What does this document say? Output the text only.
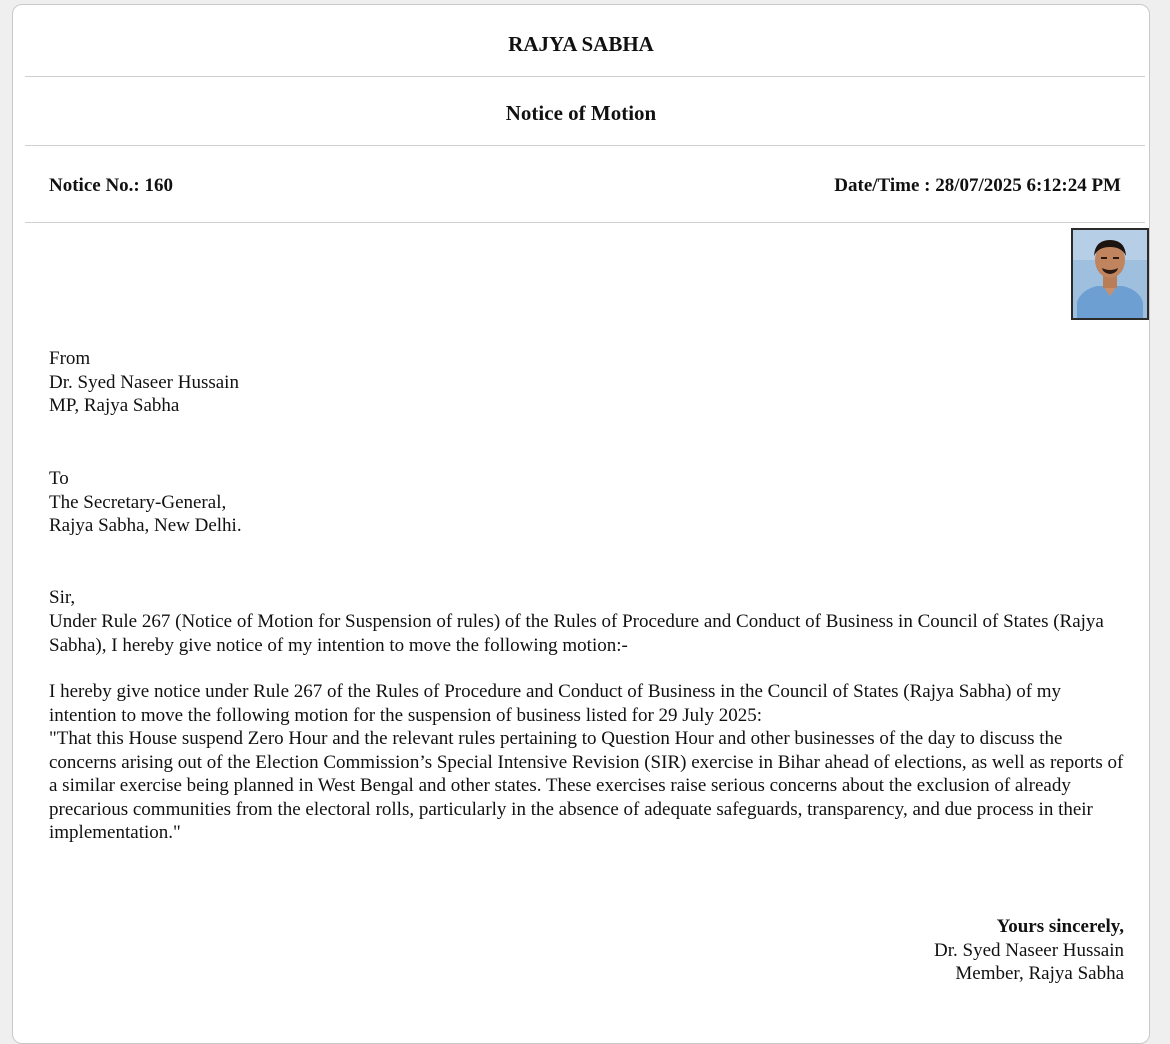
RAJYA SABHA
Notice of Motion
Notice No.: 160	Date/Time : 28/07/2025 6:12:24 PM
From
Dr. Syed Naseer Hussain
MP, Rajya Sabha
To
The Secretary-General,
Rajya Sabha, New Delhi.
Sir,
Under Rule 267 (Notice of Motion for Suspension of rules) of the Rules of Procedure and Conduct of Business in Council of States (Rajya Sabha), I hereby give notice of my intention to move the following motion:-
I hereby give notice under Rule 267 of the Rules of Procedure and Conduct of Business in the Council of States (Rajya Sabha) of my intention to move the following motion for the suspension of business listed for 29 July 2025:
"That this House suspend Zero Hour and the relevant rules pertaining to Question Hour and other businesses of the day to discuss the concerns arising out of the Election Commission’s Special Intensive Revision (SIR) exercise in Bihar ahead of elections, as well as reports of a similar exercise being planned in West Bengal and other states. These exercises raise serious concerns about the exclusion of already precarious communities from the electoral rolls, particularly in the absence of adequate safeguards, transparency, and due process in their implementation."
Yours sincerely,
Dr. Syed Naseer Hussain
Member, Rajya Sabha
